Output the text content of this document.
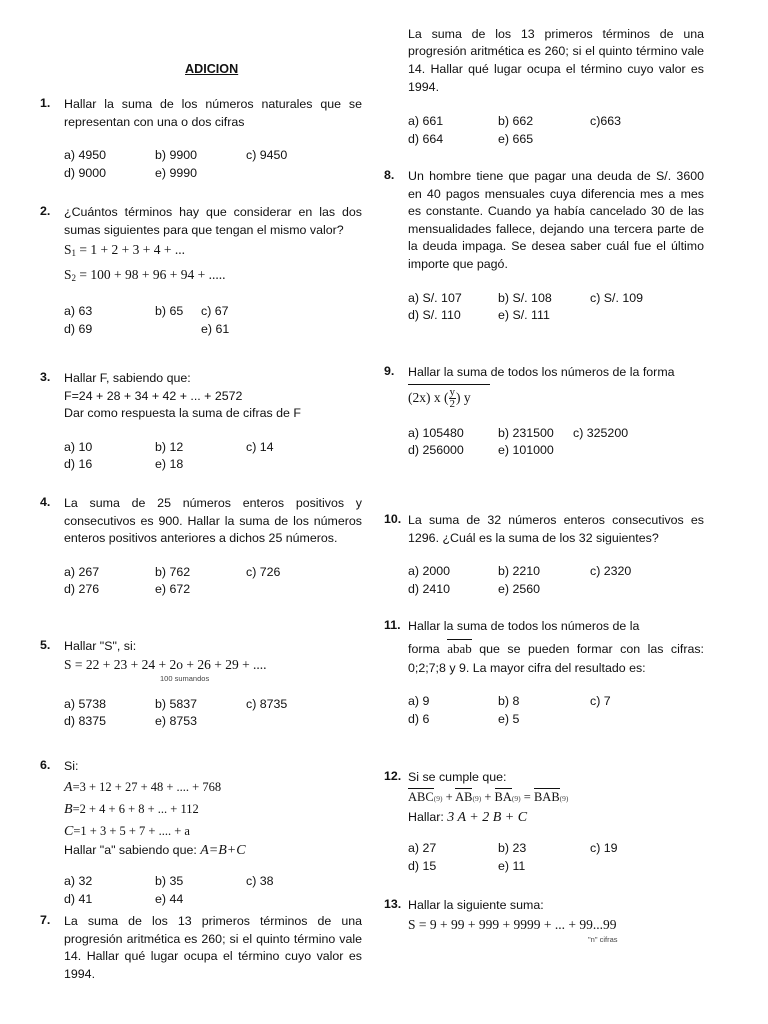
ADICION
1.	Hallar la suma de los números naturales que se representan con una o dos cifras

a) 4950	b) 9900	c) 9450
d) 9000	e) 9990
2.	¿Cuántos términos hay que considerar en las dos sumas siguientes para que tengan el mismo valor?

$S_1 = 1 + 2 + 3 + 4$ + ...
$S_2 = 100 + 98 + 96 + 94$ + .....
a) 63	b) 65 c) 67
d) 69	e) 61
3.	Hallar F, sabiendo que:

F=24 + 28 + 34 + 42 + ... + 2572

Dar como respuesta la suma de cifras de F

a) 10	b) 12	c) 14
d) 16	e) 18
4.	La suma de 25 números enteros positivos y consecutivos es 900. Hallar la suma de los números enteros positivos anteriores a dichos 25 números.

a) 267	b) 762	c) 726
d) 276	e) 672
5.	Hallar "S", si:

S = 22 + 23 + 24 + 2o + 26 + 29 + ....
100 sumandos
a) 5738	b) 5837	c) 8735
d) 8375	e) 8753
6.	Si:

A=3 + 12 + 27 + 48 + .... + 768

B=2 + 4 + 6 + 8 + ... + 112

C=1 + 3 + 5 + 7 + .... + a

Hallar "a" sabiendo que: A=B+C

a) 32	b) 35	c) 38
d) 41	e) 44
7.	La suma de los 13 primeros términos de una progresión aritmética es 260; si el quinto término vale 14. Hallar qué lugar ocupa el término cuyo valor es 1994.

La suma de los 13 primeros términos de una progresión aritmética es 260; si el quinto término vale 14. Hallar qué lugar ocupa el término cuyo valor es 1994.

a) 661	b) 662	c)663
d) 664	e) 665
8.	Un hombre tiene que pagar una deuda de S/. 3600 en 40 pagos mensuales cuya diferencia mes a mes es constante. Cuando ya había cancelado 30 de las mensualidades fallece, dejando una tercera parte de la deuda impaga. Se desea saber cuál fue el último importe que pagó.

a) S/. 107	b) S/. 108	c) S/. 109
d) S/. 110	e) S/. 111
9.	Hallar la suma de todos los números de la forma

(2x) x ( $\frac{y}{2}$ ) y
a) 105480	b) 231500 c) 325200
d) 256000	e) 101000
10. La suma de 32 números enteros consecutivos es 1296. ¿Cuál es la suma de los 32 siguientes?

a) 2000	b) 2210	c) 2320
d) 2410	e) 2560
11. Hallar la suma de todos los números de la

forma abab que se pueden formar con las cifras: 0;2;7;8 y 9. La mayor cifra del resultado es:

a) 9	b) 8	c) 7
d) 6	e) 5
12. Si se cumple que:

ABC(9) + AB(9) + BA(9) = BAB(9)

Hallar: 3 A + 2 B + C

a) 27	b) 23	c) 19
d) 15	e) 11
13. Hallar la siguiente suma:

S = 9 + 99 + 999 + 9999 + ... + 99...99
"n" cifras
